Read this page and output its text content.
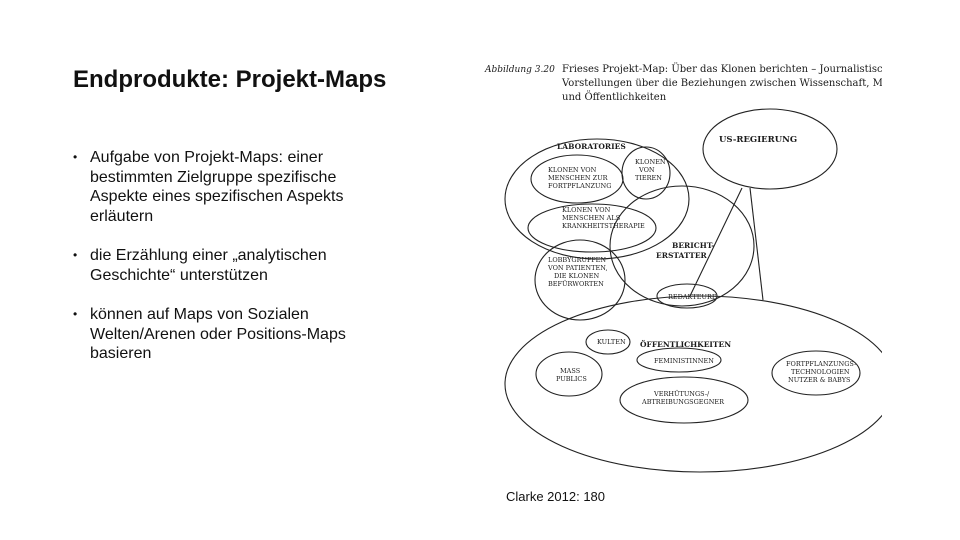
Endprodukte: Projekt-Maps
• Aufgabe von Projekt-Maps: einer bestimmten Zielgruppe spezifische Aspekte eines spezifischen Aspekts erläutern
• die Erzählung einer „analytischen Geschichte“ unterstützen
• können auf Maps von Sozialen Welten/Arenen oder Positions-Maps basieren
Abbildung 3.20 Frieses Projekt-Map: Über das Klonen berichten – Journalistische
Vorstellungen über die Beziehungen zwischen Wissenschaft, Medien
und Öffentlichkeiten
LABORATORIES
KLONEN VON
MENSCHEN ZUR
FORTPFLANZUNG
KLONEN
VON
TIEREN
KLONEN VON
MENSCHEN ALS
KRANKHEITSTHERAPIE
US-REGIERUNG
BERICHT-
ERSTATTER
LOBBYGRUPPEN
VON PATIENTEN,
DIE KLONEN
BEFÜRWORTEN
REDAKTEURE
KULTEN ÖFFENTLICHKEITEN
FEMINISTINNEN
MASS
PUBLICS
FORTPFLANZUNGS-
TECHNOLOGIEN
NUTZER & BABYS
VERHÜTUNGS-/
ABTREIBUNGSGEGNER
Clarke 2012: 180
